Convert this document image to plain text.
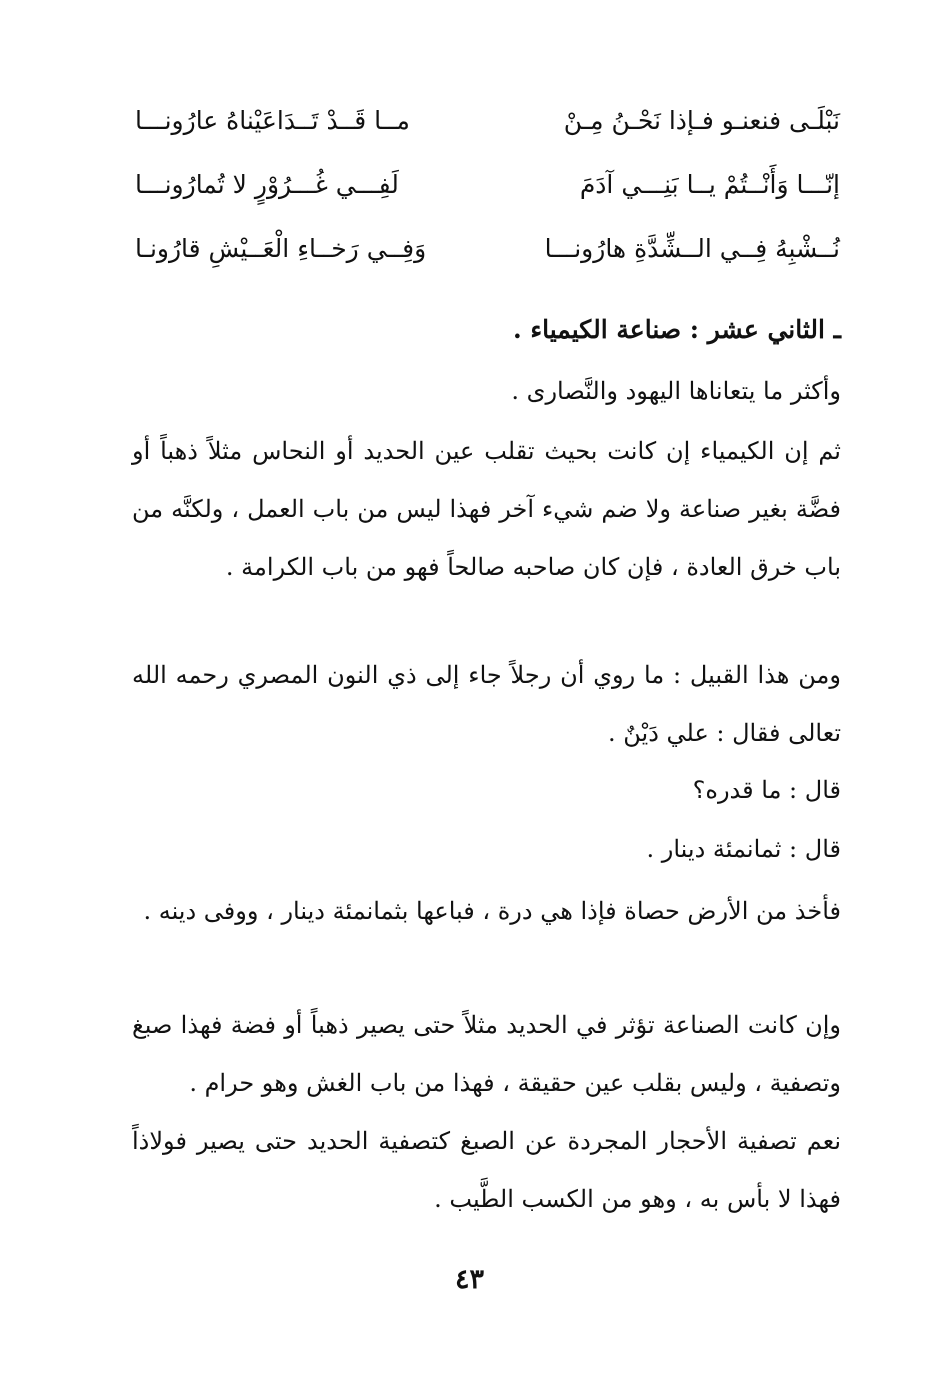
نَبْلَـى فنعنـو فـإذا نَحْـنُ مِـنْ
مــا قَــدْ تَــدَاعَيْناهُ عارُونـــا
إنّـــا وَأَنْــتُمْ يــا بَنِـــي آدَمَ
لَفِـــي غُـــرُوْرٍ لا تُمارُونـــا
نُــشْبِهُ فِــي الــشِّدَّةِ هارُونـــا
وَفِــي رَخــاءِ الْعَــيْشِ قارُونـا
ـ الثاني عشر : صناعة الكيمياء .

وأكثر ما يتعاناها اليهود والنَّصارى .

ثم إن الكيمياء إن كانت بحيث تقلب عين الحديد أو النحاس مثلاً ذهباً أو فضَّة بغير صناعة ولا ضم شيء آخر فهذا ليس من باب العمل ، ولكنَّه من باب خرق العادة ، فإن كان صاحبه صالحاً فهو من باب الكرامة .

ومن هذا القبيل : ما روي أن رجلاً جاء إلى ذي النون المصري رحمه الله تعالى فقال : علي دَيْنٌ .

قال : ما قدره؟

قال : ثمانمئة دينار .

فأخذ من الأرض حصاة فإذا هي درة ، فباعها بثمانمئة دينار ، ووفى دينه .

وإن كانت الصناعة تؤثر في الحديد مثلاً حتى يصير ذهباً أو فضة فهذا صبغ وتصفية ، وليس بقلب عين حقيقة ، فهذا من باب الغش وهو حرام .

نعم تصفية الأحجار المجردة عن الصبغ كتصفية الحديد حتى يصير فولاذاً فهذا لا بأس به ، وهو من الكسب الطَّيب .

٤٣
